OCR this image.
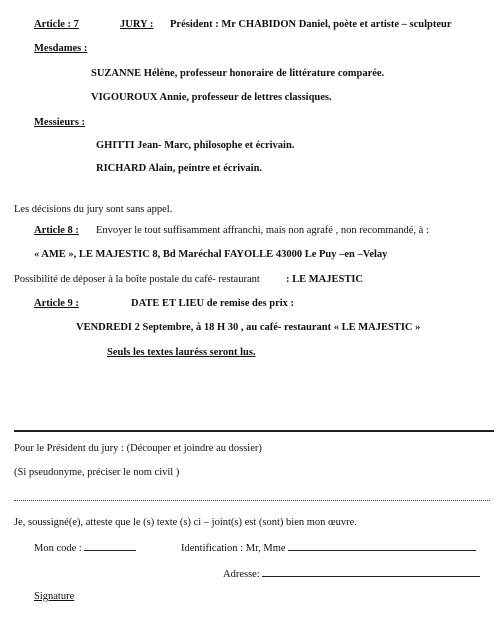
Article : 7	JURY : Président : Mr CHABIDON Daniel, poète et artiste – sculpteur
Mesdames :
SUZANNE Hélène, professeur honoraire de littérature comparée.
VIGOUROUX Annie, professeur de lettres classiques.
Messieurs :
GHITTI Jean- Marc, philosophe et écrivain.
RICHARD Alain, peintre et écrivain.
Les décisions du jury sont sans appel.
Article 8 : Envoyer le tout suffisamment affranchi, mais non agrafé , non recommandé, à :
« AME », LE MAJESTIC 8, Bd Maréchal FAYOLLE 43000 Le Puy –en –Velay
Possibilité de déposer à la boîte postale du café- restaurant : LE MAJESTIC
Article 9 :	DATE ET LIEU de remise des prix :
VENDREDI 2 Septembre, à 18 H 30 , au café- restaurant « LE MAJESTIC »
Seuls les textes lauréss seront lus.
Pour le Président du jury : (Découper et joindre au dossier)
(Si pseudonyme, préciser le nom civil )
Je, soussigné(e), atteste que le (s) texte (s) ci – joint(s) est (sont) bien mon œuvre.
Mon code :	Identification : Mr, Mme
Adresse:
Signature
